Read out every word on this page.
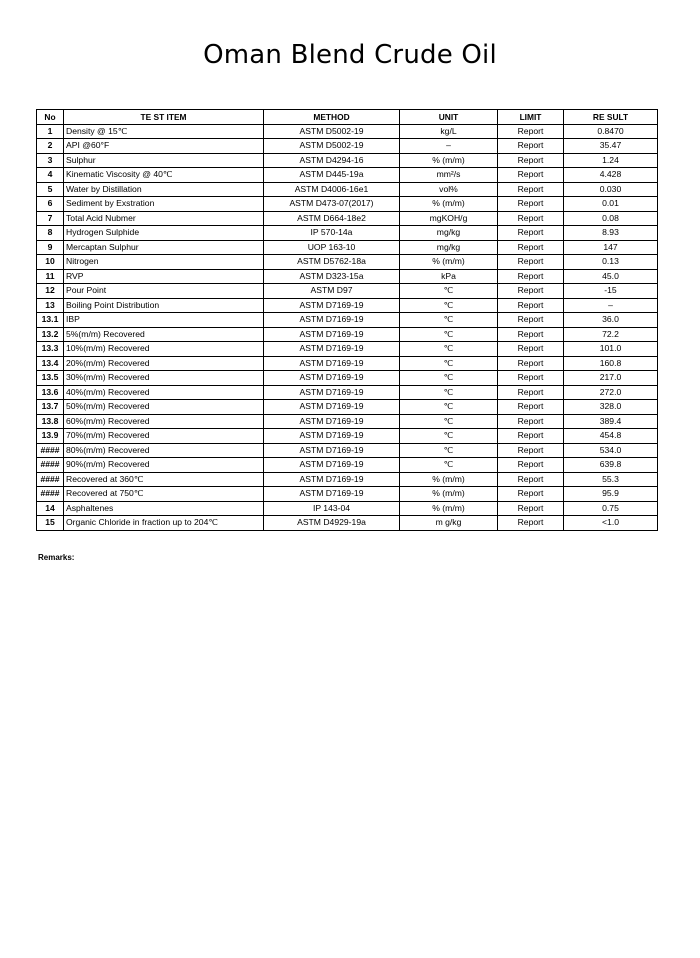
Oman Blend Crude Oil
No	TE ST ITEM	METHOD	UNIT	LIMIT	RE SULT
1	Density @ 15℃	ASTM D5002-19	kg/L	Report	0.8470
2	API @60°F	ASTM D5002-19	–	Report	35.47
3	Sulphur	ASTM D4294-16	% (m/m)	Report	1.24
4	Kinematic Viscosity @ 40℃	ASTM D445-19a	mm²/s	Report	4.428
5	Water by Distillation	ASTM D4006-16e1	vol%	Report	0.030
6	Sediment by Exstration	ASTM D473-07(2017)	% (m/m)	Report	0.01
7	Total Acid Nubmer	ASTM D664-18e2	mgKOH/g	Report	0.08
8	Hydrogen Sulphide	IP 570-14a	mg/kg	Report	8.93
9	Mercaptan Sulphur	UOP 163-10	mg/kg	Report	147
10	Nitrogen	ASTM D5762-18a	% (m/m)	Report	0.13
11	RVP	ASTM D323-15a	kPa	Report	45.0
12	Pour Point	ASTM D97	℃	Report	-15
13	Boiling Point Distribution	ASTM D7169-19	℃	Report	–
13.1	IBP	ASTM D7169-19	℃	Report	36.0
13.2	5%(m/m) Recovered	ASTM D7169-19	℃	Report	72.2
13.3	10%(m/m) Recovered	ASTM D7169-19	℃	Report	101.0
13.4	20%(m/m) Recovered	ASTM D7169-19	℃	Report	160.8
13.5	30%(m/m) Recovered	ASTM D7169-19	℃	Report	217.0
13.6	40%(m/m) Recovered	ASTM D7169-19	℃	Report	272.0
13.7	50%(m/m) Recovered	ASTM D7169-19	℃	Report	328.0
13.8	60%(m/m) Recovered	ASTM D7169-19	℃	Report	389.4
13.9	70%(m/m) Recovered	ASTM D7169-19	℃	Report	454.8
####	80%(m/m) Recovered	ASTM D7169-19	℃	Report	534.0
####	90%(m/m) Recovered	ASTM D7169-19	℃	Report	639.8
####	Recovered at 360℃	ASTM D7169-19	% (m/m)	Report	55.3
####	Recovered at 750℃	ASTM D7169-19	% (m/m)	Report	95.9
14	Asphaltenes	IP 143-04	% (m/m)	Report	0.75
15	Organic Chloride in fraction up to 204℃	ASTM D4929-19a	m g/kg	Report	<1.0
Remarks:
